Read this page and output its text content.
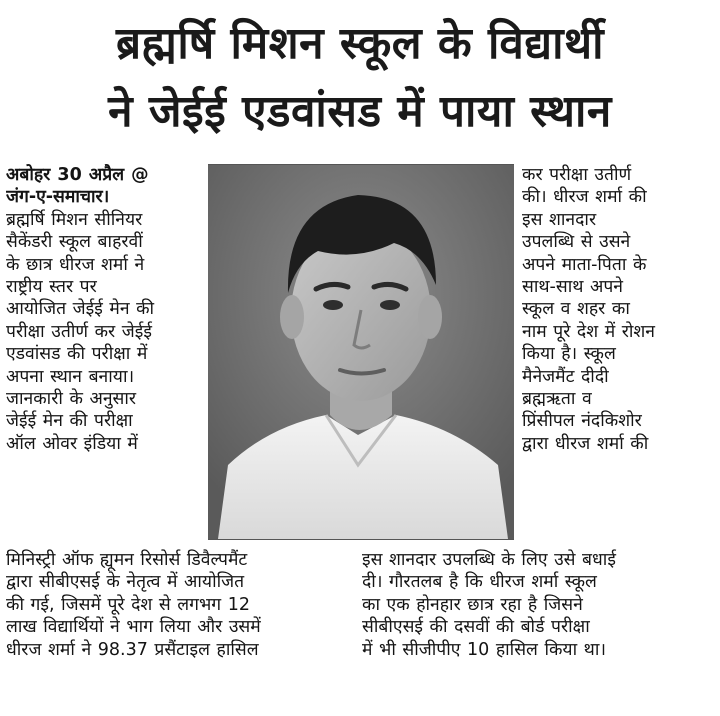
ब्रह्मर्षि मिशन स्कूल के विद्यार्थी
ने जेईई एडवांसड में पाया स्थान
अबोहर 30 अप्रैल @
जंग-ए-समाचार।
ब्रह्मर्षि मिशन सीनियर
सैकेंडरी स्कूल बाहरवीं
के छात्र धीरज शर्मा ने
राष्ट्रीय स्तर पर
आयोजित जेईई मेन की
परीक्षा उतीर्ण कर जेईई
एडवांसड की परीक्षा में
अपना स्थान बनाया।
जानकारी के अनुसार
जेईई मेन की परीक्षा
ऑल ओवर इंडिया में
कर परीक्षा उतीर्ण
की। धीरज शर्मा की
इस शानदार
उपलब्धि से उसने
अपने माता-पिता के
साथ-साथ अपने
स्कूल व शहर का
नाम पूरे देश में रोशन
किया है। स्कूल
मैनेजमैंट दीदी
ब्रह्मऋता व
प्रिंसीपल नंदकिशोर
द्वारा धीरज शर्मा की
मिनिस्ट्री ऑफ ह्यूमन रिसोर्स डिवैल्पमैंट
द्वारा सीबीएसई के नेतृत्व में आयोजित
की गई, जिसमें पूरे देश से लगभग 12
लाख विद्यार्थियों ने भाग लिया और उसमें
धीरज शर्मा ने 98.37 प्रसैंटाइल हासिल
इस शानदार उपलब्धि के लिए उसे बधाई
दी। गौरतलब है कि धीरज शर्मा स्कूल
का एक होनहार छात्र रहा है जिसने
सीबीएसई की दसवीं की बोर्ड परीक्षा
में भी सीजीपीए 10 हासिल किया था।
